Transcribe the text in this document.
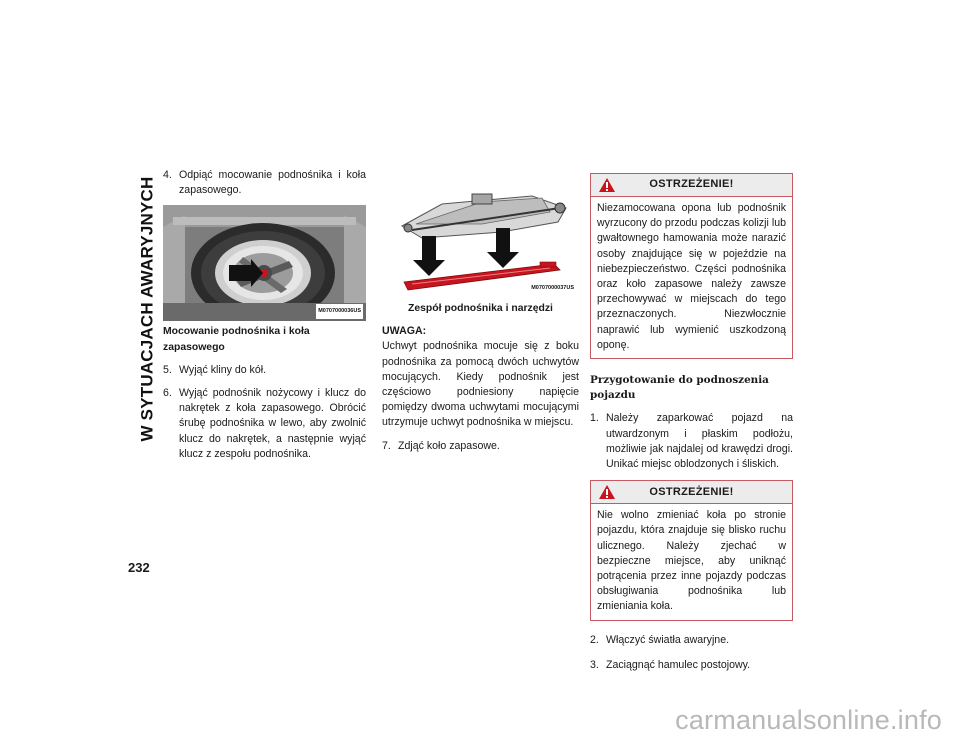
W SYTUACJACH AWARYJNYCH
232
4. Odpiąć mocowanie podnośnika i koła zapasowego.
M0707000036US
Mocowanie podnośnika i koła zapasowego
5. Wyjąć kliny do kół.
6. Wyjąć podnośnik nożycowy i klucz do nakrętek z koła zapasowego. Obrócić śrubę podnośnika w lewo, aby zwolnić klucz do nakrętek, a następnie wyjąć klucz z zespołu podnośnika.
M0707000037US
Zespół podnośnika i narzędzi
UWAGA:

Uchwyt podnośnika mocuje się z boku podnośnika za pomocą dwóch uchwytów mocujących. Kiedy podnośnik jest częściowo podniesiony napięcie pomiędzy dwoma uchwytami mocującymi utrzymuje uchwyt podnośnika w miejscu.

7. Zdjąć koło zapasowe.
OSTRZEŻENIE!
Niezamocowana opona lub podnośnik wyrzucony do przodu podczas kolizji lub gwałtownego hamowania może narazić osoby znajdujące się w pojeździe na niebezpieczeństwo. Części podnośnika oraz koło zapasowe należy zawsze przechowywać w miejscach do tego przeznaczonych. Niezwłocznie naprawić lub wymienić uszkodzoną oponę.
Przygotowanie do podnoszenia pojazdu
1. Należy zaparkować pojazd na utwardzonym i płaskim podłożu, możliwie jak najdalej od krawędzi drogi. Unikać miejsc oblodzonych i śliskich.
OSTRZEŻENIE!
Nie wolno zmieniać koła po stronie pojazdu, która znajduje się blisko ruchu ulicznego. Należy zjechać w bezpieczne miejsce, aby uniknąć potrącenia przez inne pojazdy podczas obsługiwania podnośnika lub zmieniania koła.
2. Włączyć światła awaryjne.
3. Zaciągnąć hamulec postojowy.
carmanualsonline.info
